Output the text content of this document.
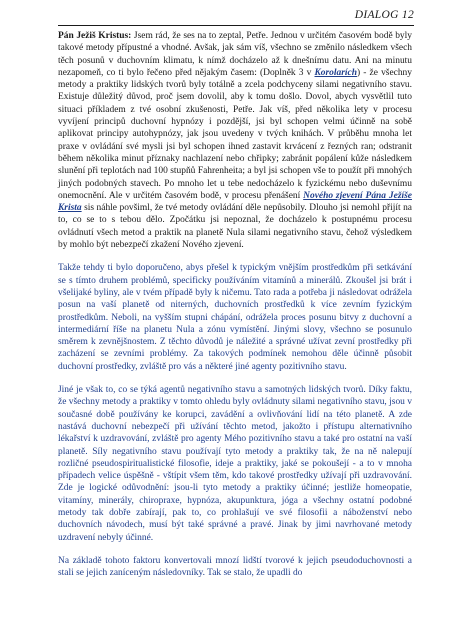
DIALOG 12

Pán Ježiš Kristus: Jsem rád, že ses na to zeptal, Petře. Jednou v určitém časovém bodě byly takové metody přípustné a vhodné. Avšak, jak sám víš, všechno se změnilo následkem všech těch posunů v duchovním klimatu, k nímž docházelo až k dnešnímu datu. Ani na minutu nezapomeň, co ti bylo řečeno před nějakým časem: (Doplněk 3 v Korolarích) - že všechny metody a praktiky lidských tvorů byly totálně a zcela podchyceny silami negativního stavu. Existuje důležitý důvod, proč jsem dovolil, aby k tomu došlo. Dovol, abych vysvětlil tuto situaci příkladem z tvé osobní zkušenosti, Petře. Jak víš, před několika lety v procesu vyvíjení principů duchovní hypnózy i pozdější, jsi byl schopen velmi účinně na sobě aplikovat principy autohypnózy, jak jsou uvedeny v tvých knihách. V průběhu mnoha let praxe v ovládání své mysli jsi byl schopen ihned zastavit krvácení z řezných ran; odstranit během několika minut příznaky nachlazení nebo chřipky; zabránit popálení kůže následkem slunění při teplotách nad 100 stupňů Fahrenheita; a byl jsi schopen vše to použít při mnohých jiných podobných stavech. Po mnoho let u tebe nedocházelo k fyzickému nebo duševnímu onemocnění. Ale v určitém časovém bodě, v procesu přenášení Nového zjevení Pána Ježíše Krista sis náhle povšiml, že tvé metody ovládání děle nepůsobily. Dlouho jsi nemohl přijít na to, co se to s tebou dělo. Zpočátku jsi nepoznal, že docházelo k postupnému procesu ovládnutí všech metod a praktik na planetě Nula silami negativního stavu, čehož výsledkem by mohlo být nebezpečí zkažení Nového zjevení.

Takže tehdy ti bylo doporučeno, abys přešel k typickým vnějším prostředkům při setkávání se s tímto druhem problémů, specificky používáním vitamínů a minerálů. Zkoušel jsi brát i všelijaké byliny, ale v tvém případě byly k ničemu. Tato rada a potřeba ji následovat odrážela posun na vaší planetě od niterných, duchovních prostředků k více zevním fyzickým prostředkům. Neboli, na vyšším stupni chápání, odrážela proces posunu bitvy z duchovní a intermediární říše na planetu Nula a zónu vymístění. Jinými slovy, všechno se posunulo směrem k zevnějšnostem. Z těchto důvodů je náležité a správné užívat zevní prostředky při zacházení se zevními problémy. Za takových podmínek nemohou děle účinně působit duchovní prostředky, zvláště pro vás a některé jiné agenty pozitivního stavu.

Jiné je však to, co se týká agentů negativního stavu a samotných lidských tvorů. Díky faktu, že všechny metody a praktiky v tomto ohledu byly ovládnuty silami negativního stavu, jsou v současné době používány ke korupci, zavádění a ovlivňování lidí na této planetě. A zde nastává duchovní nebezpečí při užívání těchto metod, jakožto i přístupu alternativního lékařství k uzdravování, zvláště pro agenty Mého pozitivního stavu a také pro ostatní na vaší planetě. Síly negativního stavu používají tyto metody a praktiky tak, že na ně nalepují rozličné pseudospiritualistické filosofie, ideje a praktiky, jaké se pokoušejí - a to v mnoha případech velice úspěšně - vštípit všem těm, kdo takové prostředky užívají při uzdravování. Zde je logické odůvodnění: jsou-li tyto metody a praktiky účinné; jestliže homeopatie, vitamíny, minerály, chiropraxe, hypnóza, akupunktura, jóga a všechny ostatní podobné metody tak dobře zabírají, pak to, co prohlašují ve své filosofii a náboženství nebo duchovních návodech, musí být také správné a pravé. Jinak by jimi navrhované metody uzdravení nebyly účinné.

Na základě tohoto faktoru konvertovali mnozí lidští tvorové k jejich pseudoduchovnosti a stali se jejich zaníceným následovníky. Tak se stalo, že upadli do
